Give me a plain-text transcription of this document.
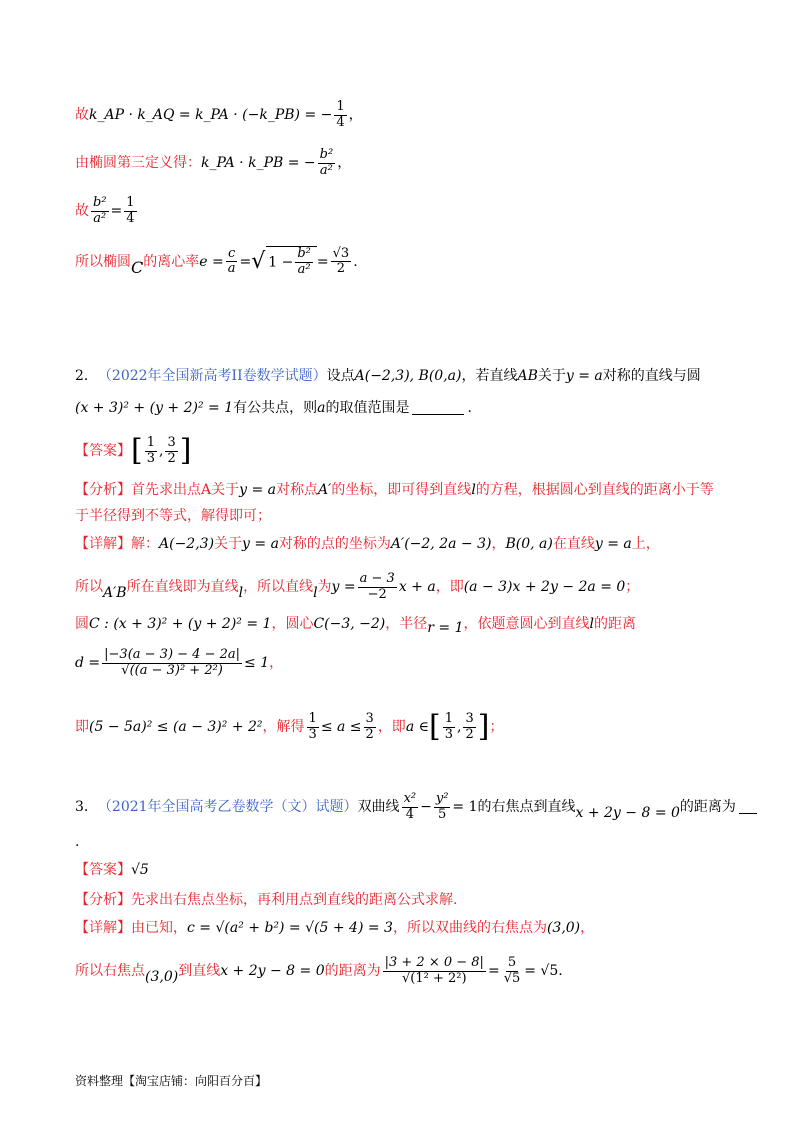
故 k_AP · k_AQ = k_PA · (−k_PB) = − $\frac{1}{4}$ ，
由椭圆第三定义得： k_PA · k_PB = − $\frac{\text{b²}}{\text{a²}}$ ，
故 $\frac{\text{b²}}{\text{a²}} = \frac{1}{4}$
所以椭圆 C 的离心率 $e = \frac{c}{a}$ = √ $1 - \frac{\text{b²}}{\text{a²}} = \frac{√3}{2}$ .
2． （2022年全国新高考II卷数学试题） 设点 A(−2,3), B(0,a) ，若直线 AB 关于 y = a 对称的直线与圆
(x + 3)² + (y + 2)² = 1 有公共点，则 a 的取值范围是	.
【答案】 [ $\frac{1}{3}$ , $\frac{3}{2}$ ]
【分析】 首先求出点A关于 y = a 对称点 A′ 的坐标，即可得到直线 l 的方程，根据圆心到直线的距离小于等
于半径得到不等式，解得即可；
【详解】 解： A(−2,3) 关于 y = a 对称的点的坐标为 A′(−2, 2a − 3) ， B(0, a) 在直线 y = a 上，
所以 A′B 所在直线即为直线 l ，所以直线 l 为 $y = \frac{a - 3}{-2}$ x + a ，即 (a − 3)x + 2y − 2a = 0 ；
圆 C : (x + 3)² + (y + 2)² = 1 ，圆心 C(−3, −2) ，半径 r = 1 ，依题意圆心到直线 l 的距离
$d = \frac{|-3(a - 3) - 4 - 2a|}{\text{√((a − 3)² + 2²)}} \le 1$ ，
即 (5 − 5a)² ≤ (a − 3)² + 2² ，解得 $\frac{1}{3} \le a \le \frac{3}{2}$ ，即 a ∈ [ $\frac{1}{3}$ , $\frac{3}{2}$ ] ；
3． （2021年全国高考乙卷数学（文）试题） 双曲线 $\frac{\text{x²}}{4} - \frac{\text{y²}}{5} = 1$ 的右焦点到直线 x + 2y − 8 = 0 的距离为
.
【答案】 √5
【分析】 先求出右焦点坐标，再利用点到直线的距离公式求解.
【详解】 由已知， c = √(a² + b²) = √(5 + 4) = 3 ，所以双曲线的右焦点为 (3,0) ，
所以右焦点 (3,0) 到直线 x + 2y − 8 = 0 的距离为 $\frac{|3 + 2 \times 0 - 8|}{\text{√(1² + 2²)}} = \frac{5}{√5} = √5$ .
资料整理【淘宝店铺：向阳百分百】
